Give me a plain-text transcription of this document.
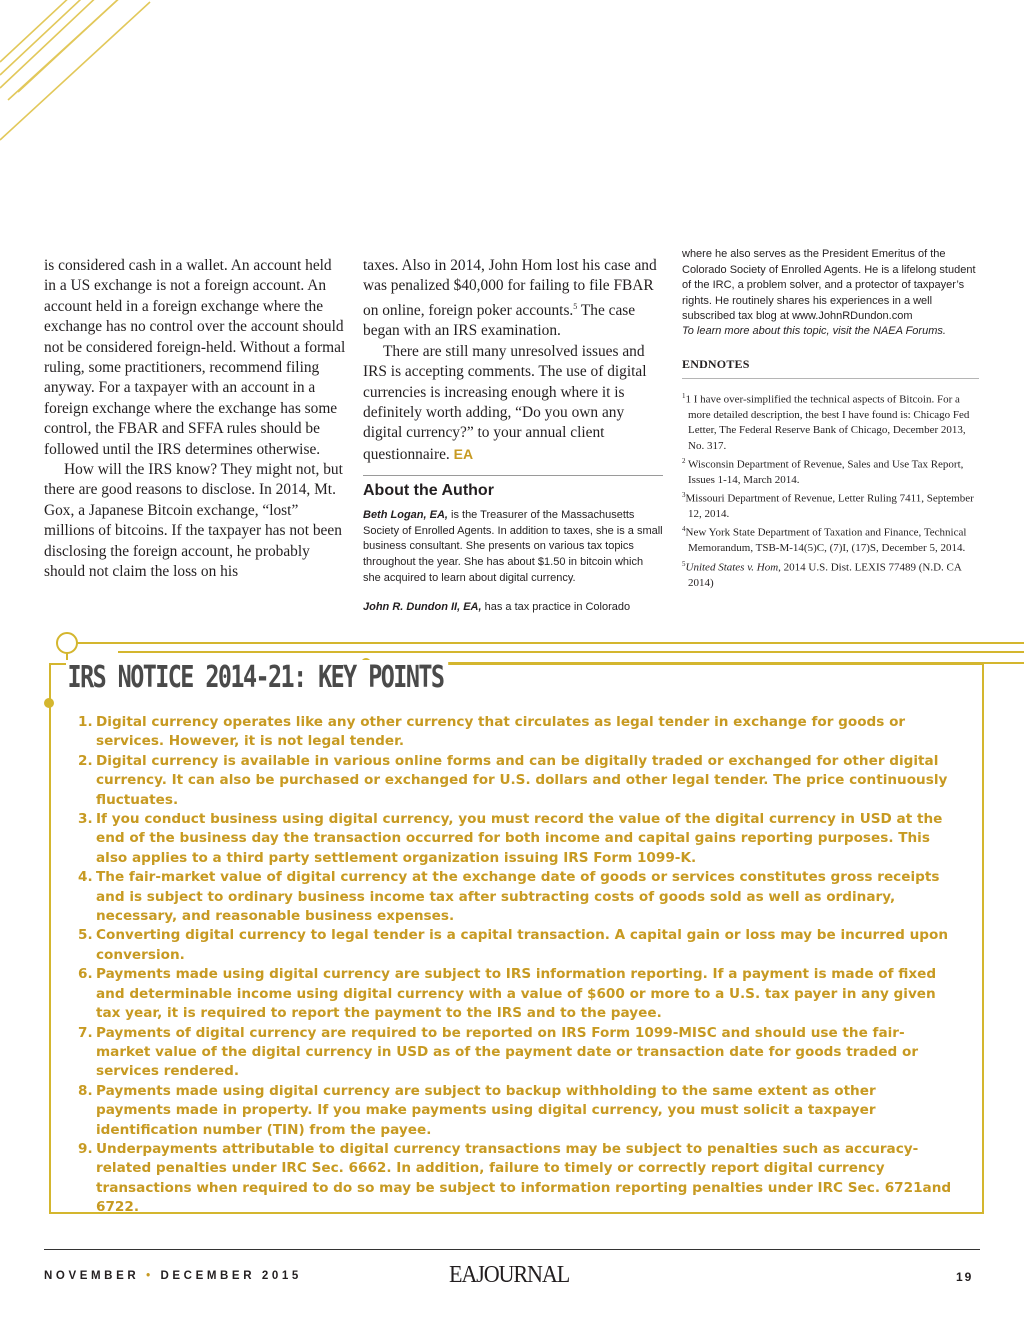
is considered cash in a wallet. An account held in a US exchange is not a foreign account. An account held in a foreign exchange where the exchange has no control over the account should not be considered foreign-held. Without a formal ruling, some practitioners, recommend filing anyway. For a taxpayer with an account in a foreign exchange where the exchange has some control, the FBAR and SFFA rules should be followed until the IRS determines otherwise.

How will the IRS know? They might not, but there are good reasons to disclose. In 2014, Mt. Gox, a Japanese Bitcoin exchange, “lost” millions of bitcoins. If the taxpayer has not been disclosing the foreign account, he probably should not claim the loss on his

taxes. Also in 2014, John Hom lost his case and was penalized $40,000 for failing to file FBAR on online, foreign poker accounts.$^5$ The case began with an IRS examination.

There are still many unresolved issues and IRS is accepting comments. The use of digital currencies is increasing enough where it is definitely worth adding, “Do you own any digital currency?” to your annual client questionnaire. EA

About the Author

Beth Logan, EA, is the Treasurer of the Massachusetts Society of Enrolled Agents. In addition to taxes, she is a small business consultant. She presents on various tax topics throughout the year. She has about $1.50 in bitcoin which she acquired to learn about digital currency.

John R. Dundon II, EA, has a tax practice in Colorado

where he also serves as the President Emeritus of the Colorado Society of Enrolled Agents. He is a lifelong student of the IRC, a problem solver, and a protector of taxpayer’s rights. He routinely shares his experiences in a well subscribed tax blog at www.JohnRDundon.com

To learn more about this topic, visit the NAEA Forums.

ENDNOTES

$^1$1 I have over-simplified the technical aspects of Bitcoin. For a more detailed description, the best I have found is: Chicago Fed Letter, The Federal Reserve Bank of Chicago, December 2013, No. 317.

$^2$ Wisconsin Department of Revenue, Sales and Use Tax Report, Issues 1-14, March 2014.

$^3$Missouri Department of Revenue, Letter Ruling 7411, September 12, 2014.

$^4$New York State Department of Taxation and Finance, Technical Memorandum, TSB-M-14(5)C, (7)I, (17)S, December 5, 2014.

$^5$United States v. Hom, 2014 U.S. Dist. LEXIS 77489 (N.D. CA 2014)

IRS NOTICE 2014-21: KEY POINTS
1. Digital currency operates like any other currency that circulates as legal tender in exchange for goods or services. However, it is not legal tender.
2. Digital currency is available in various online forms and can be digitally traded or exchanged for other digital currency. It can also be purchased or exchanged for U.S. dollars and other legal tender. The price continuously fluctuates.
3. If you conduct business using digital currency, you must record the value of the digital currency in USD at the end of the business day the transaction occurred for both income and capital gains reporting purposes. This also applies to a third party settlement organization issuing IRS Form 1099-K.
4. The fair-market value of digital currency at the exchange date of goods or services constitutes gross receipts and is subject to ordinary business income tax after subtracting costs of goods sold as well as ordinary, necessary, and reasonable business expenses.
5. Converting digital currency to legal tender is a capital transaction. A capital gain or loss may be incurred upon conversion.
6. Payments made using digital currency are subject to IRS information reporting. If a payment is made of fixed and determinable income using digital currency with a value of $600 or more to a U.S. tax payer in any given tax year, it is required to report the payment to the IRS and to the payee.
7. Payments of digital currency are required to be reported on IRS Form 1099-MISC and should use the fair-market value of the digital currency in USD as of the payment date or transaction date for goods traded or services rendered.
8. Payments made using digital currency are subject to backup withholding to the same extent as other payments made in property. If you make payments using digital currency, you must solicit a taxpayer identification number (TIN) from the payee.
9. Underpayments attributable to digital currency transactions may be subject to penalties such as accuracy-related penalties under IRC Sec. 6662. In addition, failure to timely or correctly report digital currency transactions when required to do so may be subject to information reporting penalties under IRC Sec. 6721and 6722.
NOVEMBER • DECEMBER 2015	EAJOURNAL	19
